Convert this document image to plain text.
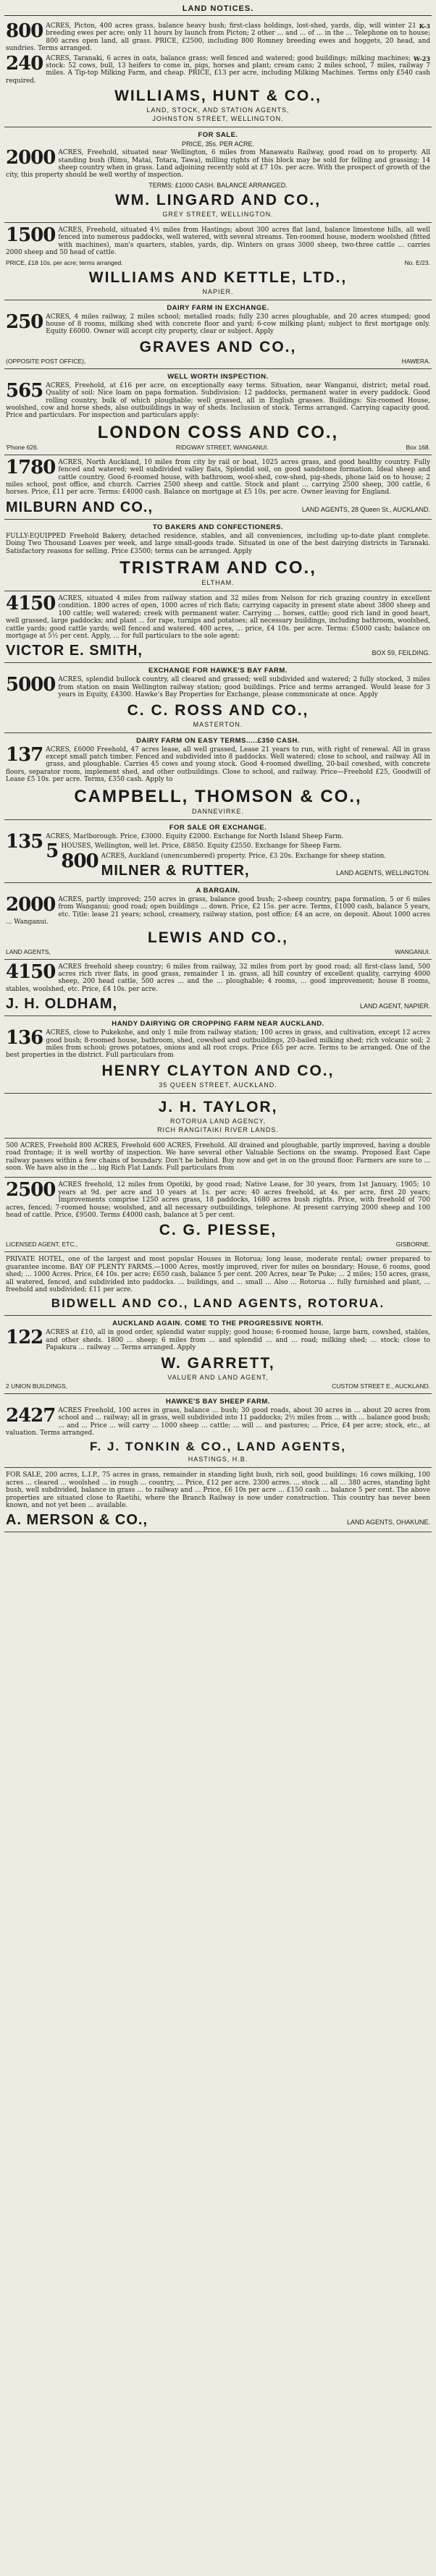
LAND NOTICES.
800	K-3
ACRES, Picton, 400 acres grass, balance heavy bush; first-class holdings, lost-shed, yards, dip, will winter 21 breeding ewes per acre; only 11 hours by launch from Picton; 2 other ... and ... of ... in the ... Telephone on to house; 800 acres open land, all grass. PRICE, £2500, including 800 Romney breeding ewes and hoggets, 20 head, and sundries. Terms arranged.
240	W-23
ACRES, Taranaki, 6 acres in oats, balance grass; well fenced and watered; good buildings; milking machines; stock: 52 cows, bull, 13 heifers to come in, pigs, horses and plant; cream cans; 2 miles school, 7 miles, railway 7 miles. A Tip-top Milking Farm, and cheap. PRICE, £13 per acre, including Milking Machines. Terms only £540 cash required.
WILLIAMS, HUNT & CO.,
LAND, STOCK, AND STATION AGENTS,
JOHNSTON STREET, WELLINGTON.
FOR SALE.
PRICE, 35s. PER ACRE.
2000 ACRES, Freehold, situated near Wellington, 6 miles from Manawatu Railway, good road on to property. All standing bush (Rimu, Matai, Totara, Tawa), milling rights of this block may be sold for felling and grassing; 14 sheep country when in grass. Land adjoining recently sold at £7 10s. per acre. With the prospect of growth of the city, this property should be well worthy of inspection.
TERMS: £1000 CASH. BALANCE ARRANGED.
WM. LINGARD AND CO.,
GREY STREET, WELLINGTON.
1500 ACRES, Freehold, situated 4½ miles from Hastings; about 300 acres flat land, balance limestone hills, all well fenced into numerous paddocks, well watered, with several streams. Ten-roomed house, modern woolshed (fitted with machines), man's quarters, stables, yards, dip. Winters on grass 3000 sheep, two-three cattle ... carries 2000 sheep and 50 head of cattle.
PRICE, £18 10s. per acre; terms arranged.	No. E/23.
WILLIAMS AND KETTLE, LTD.,
NAPIER.
DAIRY FARM IN EXCHANGE.
250 ACRES, 4 miles railway, 2 miles school; metalled roads; fully 230 acres ploughable, and 20 acres stumped; good house of 8 rooms, milking shed with concrete floor and yard; 6-cow milking plant; subject to first mortgage only. Equity £6000. Owner will accept city property, clear or subject. Apply
GRAVES AND CO.,
(OPPOSITE POST OFFICE),	HAWERA.
WELL WORTH INSPECTION.
565 ACRES, Freehold, at £16 per acre, on exceptionally easy terms. Situation, near Wanganui, district; metal road. Quality of soil: Nice loam on papa formation. Subdivision: 12 paddocks, permanent water in every paddock. Good rolling country, bulk of which ploughable; well grassed, all in English grasses. Buildings: Six-roomed House, woolshed, cow and horse sheds, also outbuildings in way of sheds. Inclusion of stock. Terms arranged. Carrying capacity good. Price and particulars. For inspection and particulars apply:
LONDON COSS AND CO.,
'Phone 626.	RIDGWAY STREET, WANGANUI.	Box 168.
1780 ACRES, North Auckland, 10 miles from city by rail or boat, 1025 acres grass, and good healthy country. Fully fenced and watered; well subdivided valley flats, Splendid soil, on good sandstone formation. Ideal sheep and cattle country. Good 6-roomed house, with bathroom, wool-shed, cow-shed, pig-sheds, phone laid on to house; 2 miles school, post office, and church. Carries 2500 sheep and cattle. Stock and plant ... carrying 2500 sheep, 300 cattle, 6 horses. Price, £11 per acre. Terms: £4000 cash. Balance on mortgage at £5 10s. per acre. Owner leaving for England.
MILBURN AND CO.,	LAND AGENTS, 28 Queen St., AUCKLAND.
TO BAKERS AND CONFECTIONERS.
FULLY-EQUIPPED Freehold Bakery, detached residence, stables, and all conveniences, including up-to-date plant complete. Doing Two Thousand Loaves per week, and large small-goods trade. Situated in one of the best dairying districts in Taranaki. Satisfactory reasons for selling. Price £3500; terms can be arranged. Apply
TRISTRAM AND CO.,
ELTHAM.
4150 ACRES, situated 4 miles from railway station and 32 miles from Nelson for rich grazing country in excellent condition. 1800 acres of open, 1000 acres of rich flats; carrying capacity in present state about 3800 sheep and 100 cattle; well watered; creek with permanent water. Carrying ... horses, cattle; good rich land in good heart, well grassed, large paddocks; and plant ... for rape, turnips and potatoes; all necessary buildings, including bathroom, woolshed, cattle yards; good cattle yards; well fenced and watered. 400 acres, ... price, £4 10s. per acre. Terms: £5000 cash; balance on mortgage at 5½ per cent. Apply, ... for full particulars to the sole agent:
VICTOR E. SMITH,	BOX 59, FEILDING.
EXCHANGE FOR HAWKE'S BAY FARM.
5000 ACRES, splendid bullock country, all cleared and grassed; well subdivided and watered; 2 fully stocked, 3 miles from station on main Wellington railway station; good buildings. Price and terms arranged. Would lease for 3 years in Equity, £4300. Hawke's Bay Properties for Exchange, please communicate at once. Apply
C. C. ROSS AND CO.,
MASTERTON.
DAIRY FARM ON EASY TERMS.....£350 CASH.
137 ACRES, £6000 Freehold, 47 acres lease, all well grassed, Lease 21 years to run, with right of renewal. All in grass except small patch timber. Fenced and subdivided into 8 paddocks. Well watered; close to school, and railway. All in grass, and ploughable. Carries 45 cows and young stock. Good 4-roomed dwelling, 20-bail cowshed, with concrete floors, separator room, implement shed, and other outbuildings. Close to school, and railway. Price—Freehold £25, Goodwill of Lease £5 10s. per acre. Terms, £350 cash. Apply to
CAMPBELL, THOMSON & CO.,
DANNEVIRKE.
FOR SALE OR EXCHANGE.
135 ACRES, Marlborough. Price, £3000. Equity £2000. Exchange for North Island Sheep Farm.
5 HOUSES, Wellington, well let. Price, £8850. Equity £2550. Exchange for Sheep Farm.
800 ACRES, Auckland (unencumbered) property. Price, £3 20s. Exchange for sheep station.
MILNER & RUTTER,	LAND AGENTS, WELLINGTON.
A BARGAIN.
2000 ACRES, partly improved; 250 acres in grass, balance good bush; 2-sheep country, papa formation, 5 or 6 miles from Wanganui; good road; open buildings ... down. Price, £2 15s. per acre. Terms, £1000 cash, balance 5 years, etc. Title: lease 21 years; school, creamery, railway station, post office; £4 an acre, on deposit. About 1000 acres ... Wanganui.
LEWIS AND CO.,
LAND AGENTS,	WANGANUI.
4150 ACRES freehold sheep country; 6 miles from railway, 32 miles from port by good road; all first-class land, 500 acres rich river flats, in good grass, remainder 1 in. grass, all hill country of excellent quality, carrying 4000 sheep, 200 head cattle, 500 acres ... and the ... ploughable; 4 rooms, ... good improvement; house 8 rooms, stables, woolshed, etc. Price, £4 10s. per acre.
J. H. OLDHAM,	LAND AGENT, NAPIER.
HANDY DAIRYING OR CROPPING FARM NEAR AUCKLAND.
136 ACRES, close to Pukekohe, and only 1 mile from railway station; 100 acres in grass, and cultivation, except 12 acres good bush; 8-roomed house, bathroom, shed, cowshed and outbuildings, 20-bailed milking shed; rich volcanic soil; 2 miles from school; grows potatoes, onions and all root crops. Price £65 per acre. Terms to be arranged. One of the best properties in the district. Full particulars from
HENRY CLAYTON AND CO.,
35 QUEEN STREET, AUCKLAND.
J. H. TAYLOR,
ROTORUA LAND AGENCY,
RICH RANGITAIKI RIVER LANDS.
500 ACRES, Freehold 800 ACRES, Freehold 600 ACRES, Freehold. All drained and ploughable, partly improved, having a double road frontage; it is well worthy of inspection. We have several other Valuable Sections on the swamp. Proposed East Cape railway passes within a few chains of boundary. Don't be behind. Buy now and get in on the ground floor. Farmers are sure to ... soon. We have also in the ... big Rich Flat Lands. Full particulars from
2500 ACRES freehold, 12 miles from Opotiki, by good road; Native Lease, for 30 years, from 1st January, 1905; 10 years at 9d. per acre and 10 years at 1s. per acre; 40 acres freehold, at 4s. per acre, first 20 years; Improvements comprise 1250 acres grass, 18 paddocks, 1680 acres bush rights. Price, with freehold of 700 acres, fenced; 7-roomed house; woolshed, and all necessary outbuildings, telephone. At present carrying 2000 sheep and 100 head of cattle. Price, £9500. Terms £4000 cash, balance at 5 per cent.
C. G. PIESSE,
LICENSED AGENT, ETC.,	GISBORNE.
PRIVATE HOTEL, one of the largest and most popular Houses in Rotorua; long lease, moderate rental; owner prepared to guarantee income. BAY OF PLENTY FARMS.—1000 Acres, mostly improved, river for miles on boundary; House, 6 rooms, good shed; ... 1000 Acres. Price, £4 10s. per acre; £650 cash, balance 5 per cent. 200 Acres, near Te Puke; ... 2 miles; 150 acres, grass, all watered, fenced, and subdivided into paddocks. ... buildings, and ... small ... Also ... Rotorua ... fully furnished and plant, ... freehold and subdivided; £11 per acre.
BIDWELL AND CO., LAND AGENTS, ROTORUA.
AUCKLAND AGAIN. COME TO THE PROGRESSIVE NORTH.
122 ACRES at £10, all in good order, splendid water supply; good house; 6-roomed house, large barn, cowshed, stables, and other sheds. 1800 ... sheep; 6 miles from ... and splendid ... and ... road; milking shed; ... stock; close to Papakura ... railway ... Terms arranged. Apply
W. GARRETT,
VALUER AND LAND AGENT,
2 UNION BUILDINGS,	CUSTOM STREET E., AUCKLAND.
HAWKE'S BAY SHEEP FARM.
2427 ACRES Freehold, 100 acres in grass, balance ... bush; 30 good roads, about 30 acres in ... about 20 acres from school and ... railway; all in grass, well subdivided into 11 paddocks; 2½ miles from ... with ... balance good bush; ... and ... Price ... will carry ... 1000 sheep ... cattle; ... will ... and pastures; ... Price, £4 per acre; stock, etc., at valuation. Terms arranged.
F. J. TONKIN & CO., LAND AGENTS,
HASTINGS, H.B.
FOR SALE, 200 acres, L.I.P., 75 acres in grass, remainder in standing light bush, rich soil, good buildings; 16 cows milking, 100 acres ... cleared ... woolshed ... in rough ... country, ... Price, £12 per acre. 2300 acres. ... stock ... all ... 380 acres, standing light bush, well subdivided, balance in grass ... to railway and ... Price, £6 10s per acre ... £150 cash ... balance 5 per cent. The above properties are situated close to Raetihi, where the Branch Railway is now under construction. This country has never been known, and not yet been ... available.
A. MERSON & CO.,	LAND AGENTS, OHAKUNE.
